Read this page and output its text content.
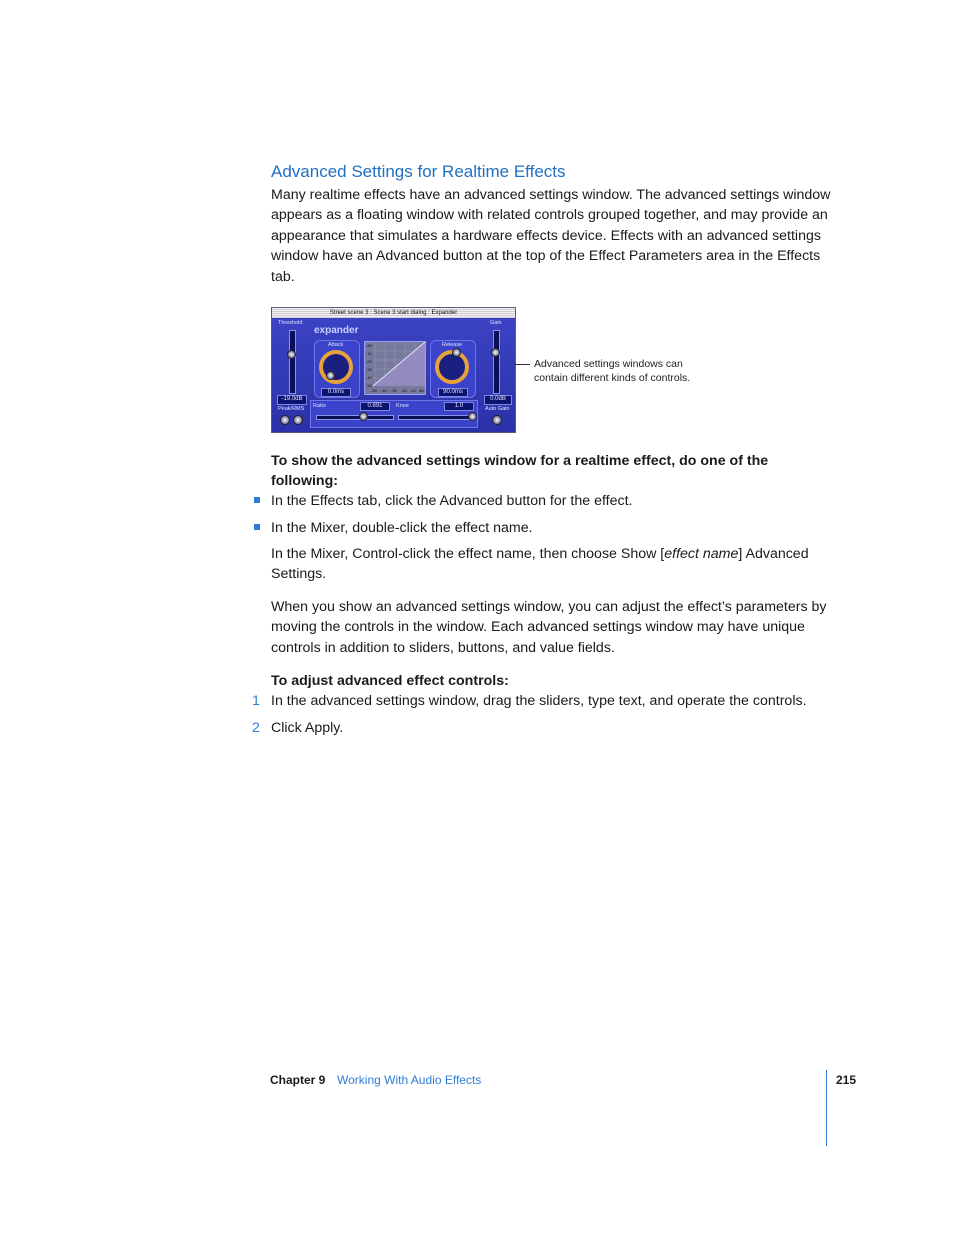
Advanced Settings for Realtime Effects
Many realtime effects have an advanced settings window. The advanced settings window appears as a floating window with related controls grouped together, and may provide an appearance that simulates a hardware effects device. Effects with an advanced settings window have an Advanced button at the top of the Effect Parameters area in the Effects tab.
Street scene 3 : Scene 3 start dialog : Expander
Threshold
-19.0dB
Peak/RMS
expander
Attack
0.0ms
dB
-10
-20
-30
-40
-50
-50 -40 -30 -20 -10 dB
Release
90.0ms
Ratio	0.891	Knee	1.0
Gain
0.0dB
Auto Gain
Advanced settings windows can contain different kinds of controls.
To show the advanced settings window for a realtime effect, do one of the following:
In the Effects tab, click the Advanced button for the effect.
In the Mixer, double-click the effect name.
In the Mixer, Control-click the effect name, then choose Show [effect name] Advanced Settings.
When you show an advanced settings window, you can adjust the effect’s parameters by moving the controls in the window. Each advanced settings window may have unique controls in addition to sliders, buttons, and value fields.
To adjust advanced effect controls:
1 In the advanced settings window, drag the sliders, type text, and operate the controls.
2 Click Apply.
Chapter 9 Working With Audio Effects	215
